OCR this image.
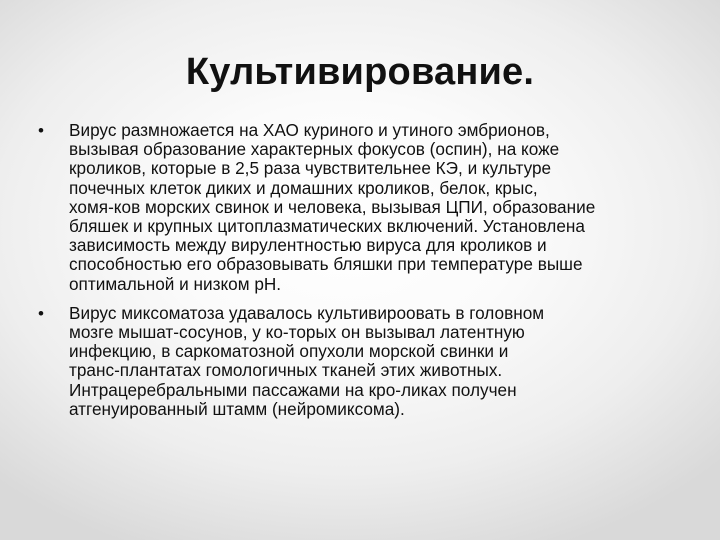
Культивирование.
• Вирус размножается на ХАО куриного и утиного эмбрионов,
вызывая образование характерных фокусов (оспин), на коже
кроликов, которые в 2,5 раза чувствительнее КЭ, и культуре
почечных клеток диких и домашних кроликов, белок, крыс,
хомя-ков морских свинок и человека, вызывая ЦПИ, образование
бляшек и крупных цитоплазматических включений. Установлена
зависимость между вирулентностью вируса для кроликов и
способностью его образовывать бляшки при температуре выше
оптимальной и низком рН.

• Вирус миксоматоза удавалось культивироовать в головном
мозге мышат-сосунов, у ко-торых он вызывал латентную
инфекцию, в саркоматозной опухоли морской свинки и
транс-плантатах гомологичных тканей этих животных.
Интрацеребральными пассажами на кро-ликах получен
атгенуированный штамм (нейромиксома).
